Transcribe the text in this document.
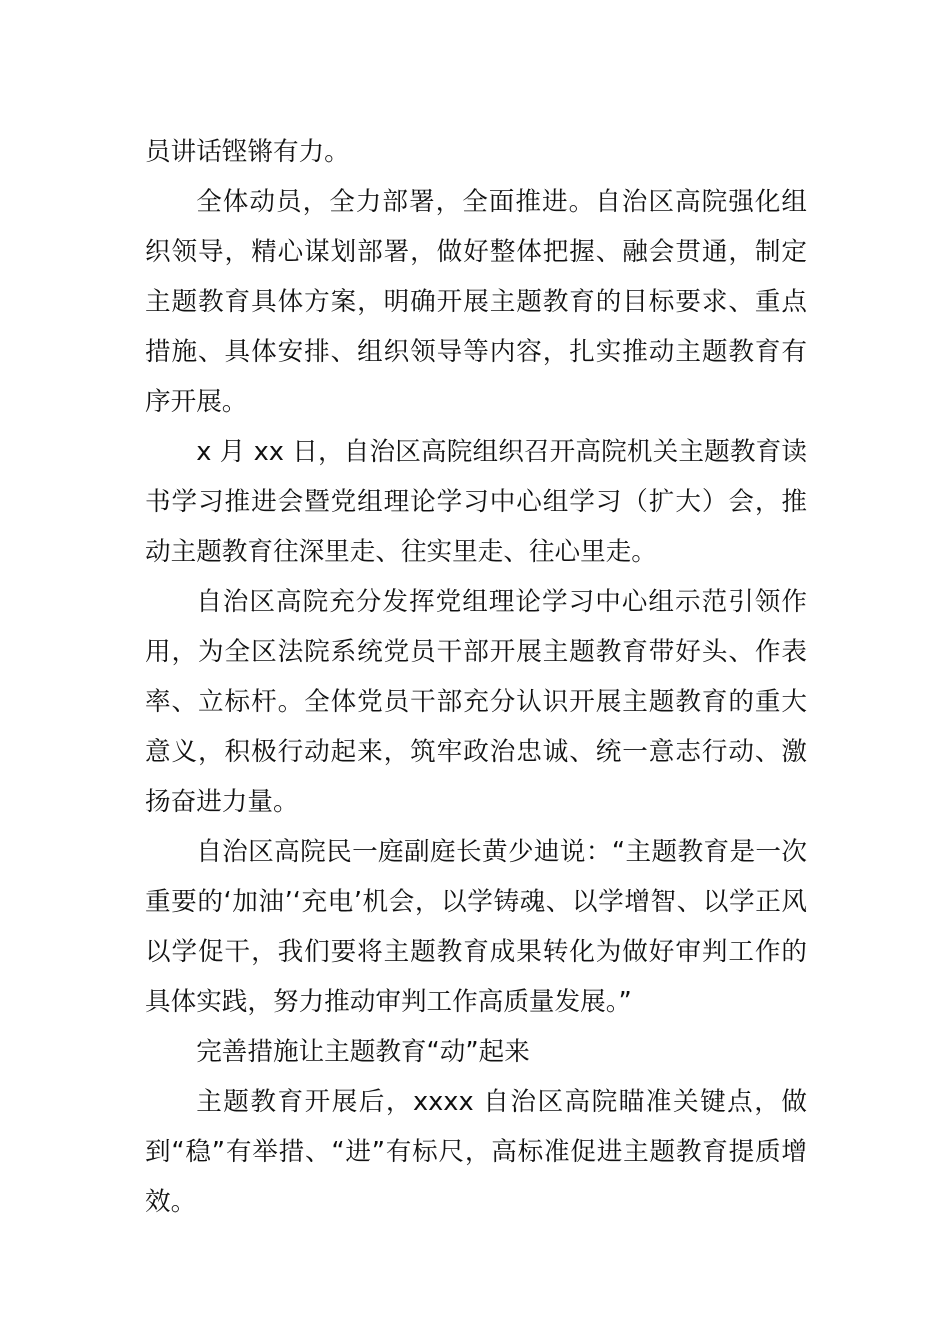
员讲话铿锵有力。

全体动员，全力部署，全面推进。自治区高院强化组织领导，精心谋划部署，做好整体把握、融会贯通，制定主题教育具体方案，明确开展主题教育的目标要求、重点措施、具体安排、组织领导等内容，扎实推动主题教育有序开展。

x 月 xx 日，自治区高院组织召开高院机关主题教育读书学习推进会暨党组理论学习中心组学习（扩大）会，推动主题教育往深里走、往实里走、往心里走。

自治区高院充分发挥党组理论学习中心组示范引领作用，为全区法院系统党员干部开展主题教育带好头、作表率、立标杆。全体党员干部充分认识开展主题教育的重大意义，积极行动起来，筑牢政治忠诚、统一意志行动、激扬奋进力量。

自治区高院民一庭副庭长黄少迪说：“主题教育是一次重要的‘加油’‘充电’机会，以学铸魂、以学增智、以学正风以学促干，我们要将主题教育成果转化为做好审判工作的具体实践，努力推动审判工作高质量发展。”

完善措施让主题教育“动”起来

主题教育开展后，xxxx 自治区高院瞄准关键点，做到“稳”有举措、“进”有标尺，高标准促进主题教育提质增效。
